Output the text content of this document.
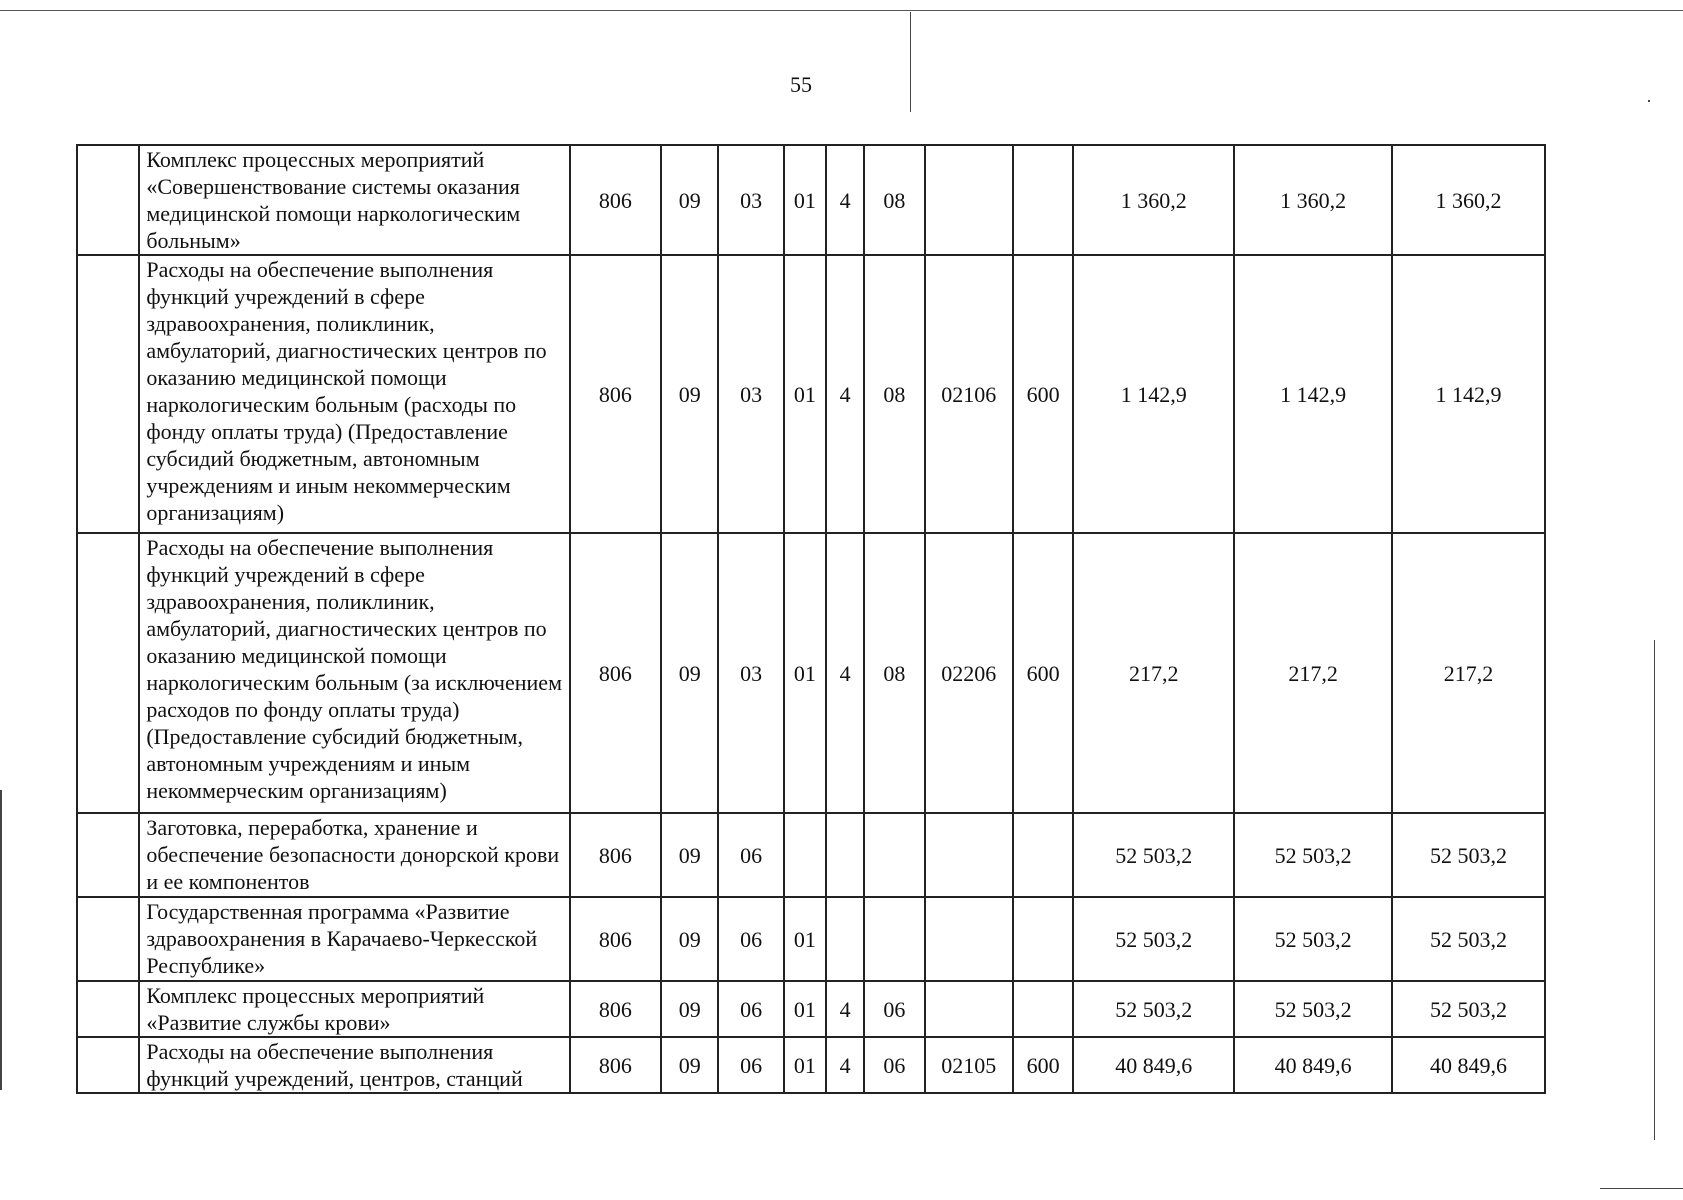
55
	Комплекс процессных мероприятий «Совершенствование системы оказания медицинской помощи наркологическим больным»	806	09	03	01	4	08			1 360,2	1 360,2	1 360,2
	Расходы на обеспечение выполнения функций учреждений в сфере здравоохранения, поликлиник, амбулаторий, диагностических центров по оказанию медицинской помощи наркологическим больным (расходы по фонду оплаты труда) (Предоставление субсидий бюджетным, автономным учреждениям и иным некоммерческим организациям)	806	09	03	01	4	08	02106	600	1 142,9	1 142,9	1 142,9
	Расходы на обеспечение выполнения функций учреждений в сфере здравоохранения, поликлиник, амбулаторий, диагностических центров по оказанию медицинской помощи наркологическим больным (за исключением расходов по фонду оплаты труда) (Предоставление субсидий бюджетным, автономным учреждениям и иным некоммерческим организациям)	806	09	03	01	4	08	02206	600	217,2	217,2	217,2
	Заготовка, переработка, хранение и обеспечение безопасности донорской крови и ее компонентов	806	09	06						52 503,2	52 503,2	52 503,2
	Государственная программа «Развитие здравоохранения в Карачаево-Черкесской Республике»	806	09	06	01					52 503,2	52 503,2	52 503,2
	Комплекс процессных мероприятий «Развитие службы крови»	806	09	06	01	4	06			52 503,2	52 503,2	52 503,2
	Расходы на обеспечение выполнения функций учреждений, центров, станций	806	09	06	01	4	06	02105	600	40 849,6	40 849,6	40 849,6
